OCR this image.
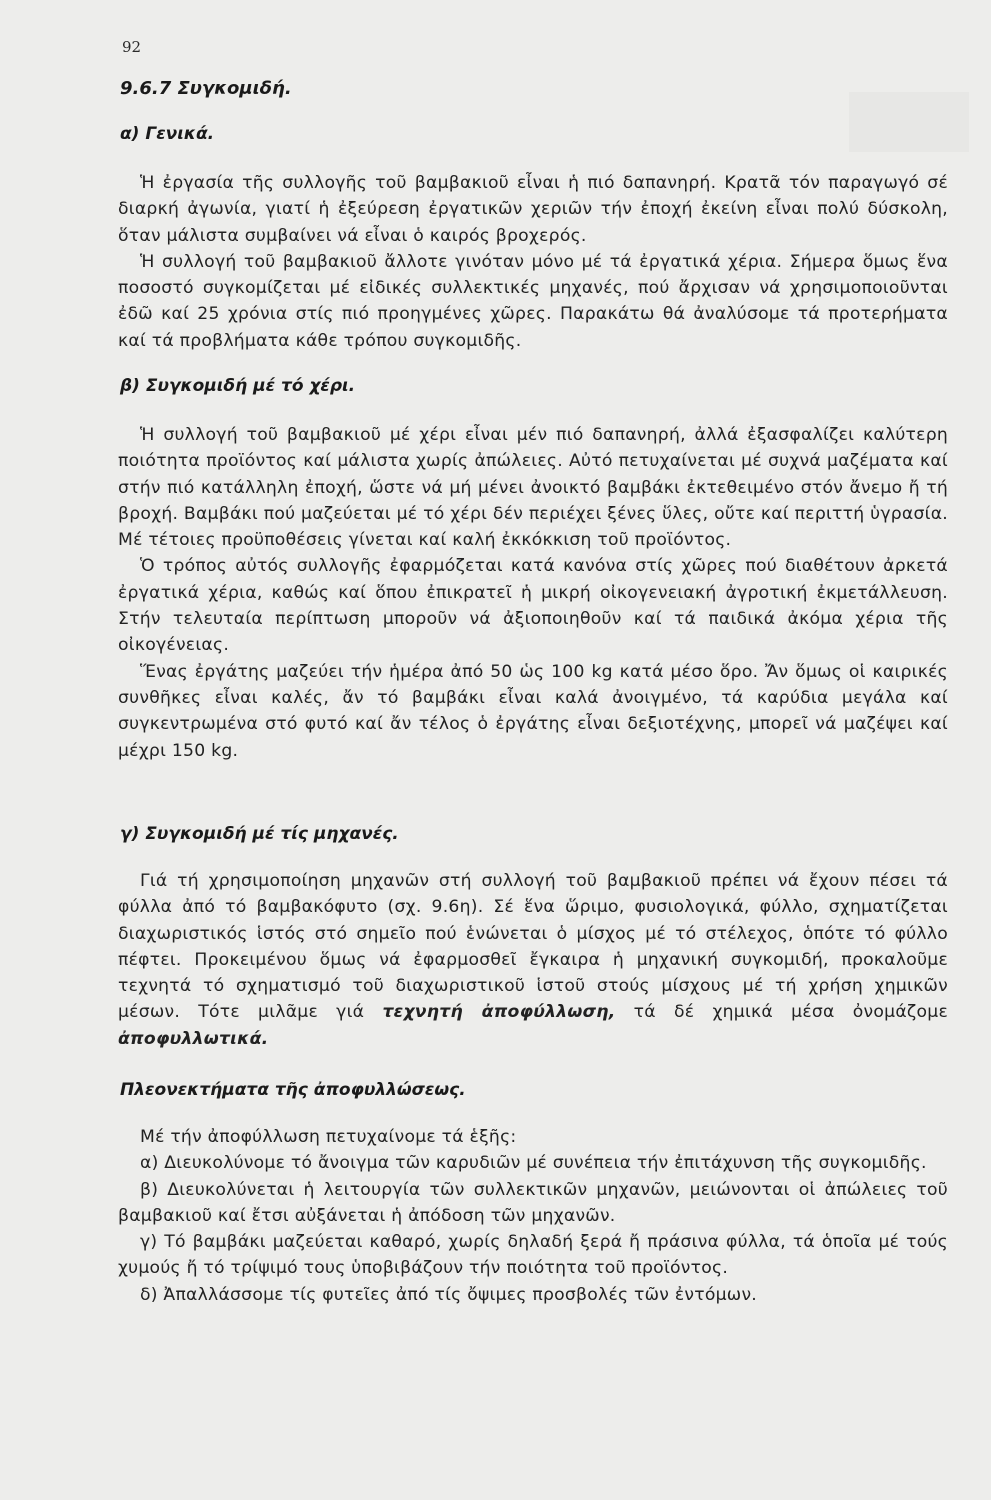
92
9.6.7 Συγκομιδή.
α) Γενικά.

Ἡ ἐργασία τῆς συλλογῆς τοῦ βαμβακιοῦ εἶναι ἡ πιό δαπανηρή. Κρατᾶ τόν παραγωγό σέ διαρκή ἀγωνία, γιατί ἡ ἐξεύρεση ἐργατικῶν χεριῶν τήν ἐποχή ἐκείνη εἶναι πολύ δύσκολη, ὅταν μάλιστα συμβαίνει νά εἶναι ὁ καιρός βροχερός.

Ἡ συλλογή τοῦ βαμβακιοῦ ἄλλοτε γινόταν μόνο μέ τά ἐργατικά χέρια. Σήμερα ὅμως ἕνα ποσοστό συγκομίζεται μέ εἰδικές συλλεκτικές μηχανές, πού ἄρχισαν νά χρησιμοποιοῦνται ἐδῶ καί 25 χρόνια στίς πιό προηγμένες χῶρες. Παρακάτω θά ἀναλύσομε τά προτερήματα καί τά προβλήματα κάθε τρόπου συγκομιδῆς.

β) Συγκομιδή μέ τό χέρι.

Ἡ συλλογή τοῦ βαμβακιοῦ μέ χέρι εἶναι μέν πιό δαπανηρή, ἀλλά ἐξασφαλίζει καλύτερη ποιότητα προϊόντος καί μάλιστα χωρίς ἀπώλειες. Αὐτό πετυχαίνεται μέ συχνά μαζέματα καί στήν πιό κατάλληλη ἐποχή, ὥστε νά μή μένει ἀνοικτό βαμβάκι ἐκτεθειμένο στόν ἄνεμο ἤ τή βροχή. Βαμβάκι πού μαζεύεται μέ τό χέρι δέν περιέχει ξένες ὕλες, οὔτε καί περιττή ὑγρασία. Μέ τέτοιες προϋποθέσεις γίνεται καί καλή ἐκκόκκιση τοῦ προϊόντος.

Ὁ τρόπος αὐτός συλλογῆς ἐφαρμόζεται κατά κανόνα στίς χῶρες πού διαθέτουν ἀρκετά ἐργατικά χέρια, καθώς καί ὅπου ἐπικρατεῖ ἡ μικρή οἰκογενειακή ἀγροτική ἐκμετάλλευση. Στήν τελευταία περίπτωση μποροῦν νά ἀξιοποιηθοῦν καί τά παιδικά ἀκόμα χέρια τῆς οἰκογένειας.

Ἕνας ἐργάτης μαζεύει τήν ἡμέρα ἀπό 50 ὡς 100 kg κατά μέσο ὅρο. Ἄν ὅμως οἱ καιρικές συνθῆκες εἶναι καλές, ἄν τό βαμβάκι εἶναι καλά ἀνοιγμένο, τά καρύδια μεγάλα καί συγκεντρωμένα στό φυτό καί ἄν τέλος ὁ ἐργάτης εἶναι δεξιοτέχνης, μπορεῖ νά μαζέψει καί μέχρι 150 kg.

γ) Συγκομιδή μέ τίς μηχανές.

Γιά τή χρησιμοποίηση μηχανῶν στή συλλογή τοῦ βαμβακιοῦ πρέπει νά ἔχουν πέσει τά φύλλα ἀπό τό βαμβακόφυτο (σχ. 9.6η). Σέ ἕνα ὥριμο, φυσιολογικά, φύλλο, σχηματίζεται διαχωριστικός ἱστός στό σημεῖο πού ἑνώνεται ὁ μίσχος μέ τό στέλεχος, ὁπότε τό φύλλο πέφτει. Προκειμένου ὅμως νά ἐφαρμοσθεῖ ἔγκαιρα ἡ μηχανική συγκομιδή, προκαλοῦμε τεχνητά τό σχηματισμό τοῦ διαχωριστικοῦ ἱστοῦ στούς μίσχους μέ τή χρήση χημικῶν μέσων. Τότε μιλᾶμε γιά τεχνητή ἀποφύλλωση, τά δέ χημικά μέσα ὀνομάζομε ἀποφυλλωτικά.

Πλεονεκτήματα τῆς ἀποφυλλώσεως.

Μέ τήν ἀποφύλλωση πετυχαίνομε τά ἑξῆς:

α) Διευκολύνομε τό ἄνοιγμα τῶν καρυδιῶν μέ συνέπεια τήν ἐπιτάχυνση τῆς συγκομιδῆς.

β) Διευκολύνεται ἡ λειτουργία τῶν συλλεκτικῶν μηχανῶν, μειώνονται οἱ ἀπώλειες τοῦ βαμβακιοῦ καί ἔτσι αὐξάνεται ἡ ἀπόδοση τῶν μηχανῶν.

γ) Τό βαμβάκι μαζεύεται καθαρό, χωρίς δηλαδή ξερά ἤ πράσινα φύλλα, τά ὁποῖα μέ τούς χυμούς ἤ τό τρίψιμό τους ὑποβιβάζουν τήν ποιότητα τοῦ προϊόντος.

δ) Ἀπαλλάσσομε τίς φυτεῖες ἀπό τίς ὄψιμες προσβολές τῶν ἐντόμων.
